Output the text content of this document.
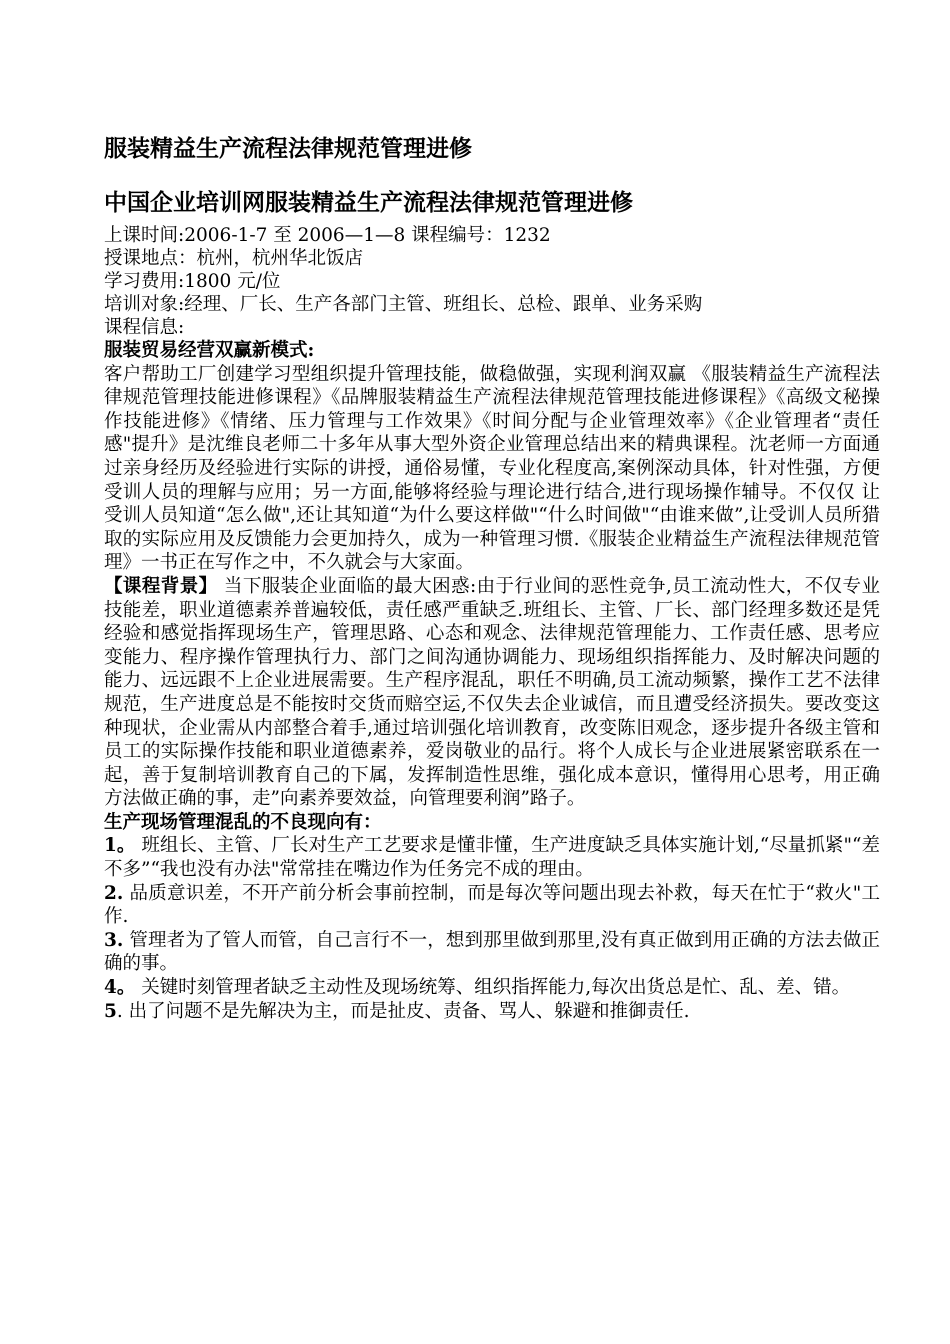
服装精益生产流程法律规范管理进修
中国企业培训网服装精益生产流程法律规范管理进修

上课时间:2006-1-7 至 2006—1—8 课程编号：1232

授课地点：杭州，杭州华北饭店

学习费用:1800 元/位

培训对象:经理、厂长、生产各部门主管、班组长、总检、跟单、业务采购

课程信息:

服装贸易经营双赢新模式:

客户帮助工厂创建学习型组织提升管理技能，做稳做强，实现利润双赢 《服装精益生产流程法律规范管理技能进修课程》《品牌服装精益生产流程法律规范管理技能进修课程》《高级文秘操作技能进修》《情绪、压力管理与工作效果》《时间分配与企业管理效率》《企业管理者“责任感"提升》是沈维良老师二十多年从事大型外资企业管理总结出来的精典课程。沈老师一方面通过亲身经历及经验进行实际的讲授，通俗易懂，专业化程度高,案例深动具体，针对性强，方便受训人员的理解与应用；另一方面,能够将经验与理论进行结合,进行现场操作辅导。不仅仅 让受训人员知道“怎么做",还让其知道“为什么要这样做"“什么时间做"“由谁来做”,让受训人员所猎取的实际应用及反馈能力会更加持久，成为一种管理习惯.《服装企业精益生产流程法律规范管理》一书正在写作之中，不久就会与大家面。

【课程背景】 当下服装企业面临的最大困惑:由于行业间的恶性竞争,员工流动性大，不仅专业技能差，职业道德素养普遍较低，责任感严重缺乏.班组长、主管、厂长、部门经理多数还是凭经验和感觉指挥现场生产，管理思路、心态和观念、法律规范管理能力、工作责任感、思考应变能力、程序操作管理执行力、部门之间沟通协调能力、现场组织指挥能力、及时解决问题的能力、远远跟不上企业进展需要。生产程序混乱，职任不明确,员工流动频繁，操作工艺不法律规范，生产进度总是不能按时交货而赔空运,不仅失去企业诚信，而且遭受经济损失。要改变这种现状，企业需从内部整合着手,通过培训强化培训教育，改变陈旧观念，逐步提升各级主管和员工的实际操作技能和职业道德素养，爱岗敬业的品行。将个人成长与企业进展紧密联系在一起，善于复制培训教育自己的下属，发挥制造性思维，强化成本意识，懂得用心思考，用正确方法做正确的事，走”向素养要效益，向管理要利润”路子。

生产现场管理混乱的不良现向有：

1。 班组长、主管、厂长对生产工艺要求是懂非懂，生产进度缺乏具体实施计划,“尽量抓紧"“差不多”“我也没有办法"常常挂在嘴边作为任务完不成的理由。

2. 品质意识差，不开产前分析会事前控制，而是每次等问题出现去补救，每天在忙于“救火"工作.

3. 管理者为了管人而管，自己言行不一，想到那里做到那里,没有真正做到用正确的方法去做正确的事。

4。 关键时刻管理者缺乏主动性及现场统筹、组织指挥能力,每次出货总是忙、乱、差、错。

5. 出了问题不是先解决为主，而是扯皮、责备、骂人、躲避和推御责任.
